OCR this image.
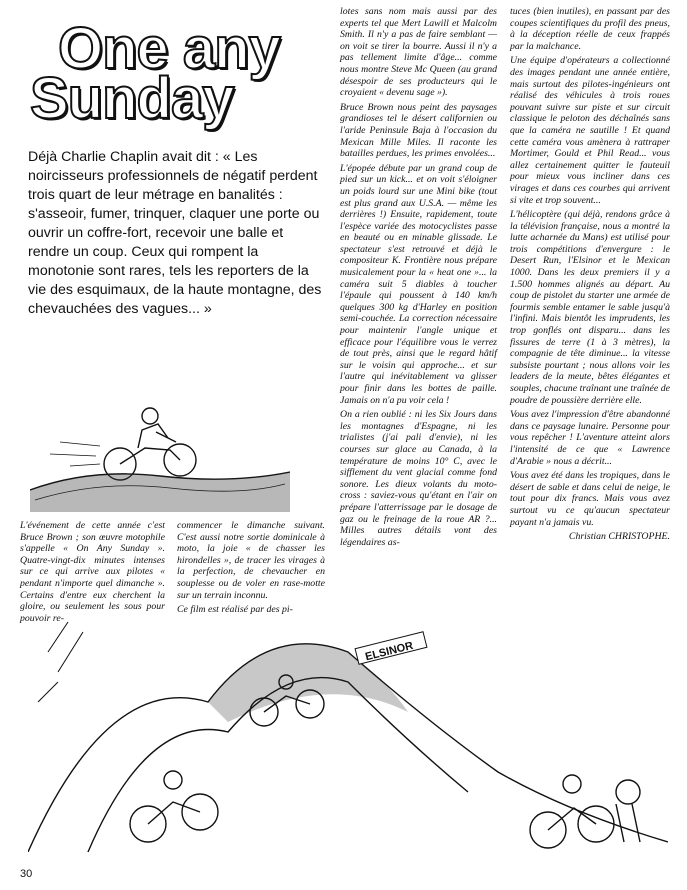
One any
Sunday

Déjà Charlie Chaplin avait dit : « Les noircisseurs professionnels de négatif perdent trois quart de leur métrage en banalités : s'asseoir, fumer, trinquer, claquer une porte ou ouvrir un coffre-fort, recevoir une balle et rendre un coup. Ceux qui rompent la monotonie sont rares, tels les reporters de la vie des esquimaux, de la haute montagne, des chevauchées des vagues... »

L'événement de cette année c'est Bruce Brown ; son œuvre motophile s'appelle « On Any Sunday ». Quatre-vingt-dix minutes intenses sur ce qui arrive aux pilotes « pendant n'importe quel dimanche ». Certains d'entre eux cherchent la gloire, ou seulement les sous pour pouvoir re-

commencer le dimanche suivant. C'est aussi notre sortie dominicale à moto, la joie « de chasser les hirondelles », de tracer les virages à la perfection, de chevaucher en souplesse ou de voler en rase-motte sur un terrain inconnu.

Ce film est réalisé par des pi-

lotes sans nom mais aussi par des experts tel que Mert Lawill et Malcolm Smith. Il n'y a pas de faire semblant — on voit se tirer la bourre. Aussi il n'y a pas tellement limite d'âge... comme nous montre Steve Mc Queen (au grand désespoir de ses producteurs qui le croyaient « devenu sage »).

Bruce Brown nous peint des paysages grandioses tel le désert californien ou l'aride Peninsule Baja à l'occasion du Mexican Mille Miles. Il raconte les batailles perdues, les primes envolées...

L'épopée débute par un grand coup de pied sur un kick... et on voit s'éloigner un poids lourd sur une Mini bike (tout est plus grand aux U.S.A. — même les derrières !) Ensuite, rapidement, toute l'espèce variée des motocyclistes passe en beauté ou en minable glissade. Le spectateur s'est retrouvé et déjà le compositeur K. Frontière nous prépare musicalement pour la « heat one »... la caméra suit 5 diables à toucher l'épaule qui poussent à 140 km/h quelques 300 kg d'Harley en position semi-couchée. La correction nécessaire pour maintenir l'angle unique et efficace pour l'équilibre vous le verrez de tout près, ainsi que le regard hâtif sur le voisin qui approche... et sur l'autre qui inévitablement va glisser pour finir dans les bottes de paille. Jamais on n'a pu voir cela !

On a rien oublié : ni les Six Jours dans les montagnes d'Espagne, ni les trialistes (j'ai pali d'envie), ni les courses sur glace au Canada, à la température de moins 10° C, avec le sifflement du vent glacial comme fond sonore. Les dieux volants du moto-cross : saviez-vous qu'étant en l'air on prépare l'atterrissage par le dosage de gaz ou le freinage de la roue AR ?... Milles autres détails vont des légendaires as-

tuces (bien inutiles), en passant par des coupes scientifiques du profil des pneus, à la déception réelle de ceux frappés par la malchance.

Une équipe d'opérateurs a collectionné des images pendant une année entière, mais surtout des pilotes-ingénieurs ont réalisé des véhicules à trois roues pouvant suivre sur piste et sur circuit classique le peloton des déchaînés sans que la caméra ne sautille ! Et quand cette caméra vous amènera à rattraper Mortimer, Gould et Phil Read... vous allez certainement quitter le fauteuil pour mieux vous incliner dans ces virages et dans ces courbes qui arrivent si vite et trop souvent...

L'hélicoptère (qui déjà, rendons grâce à la télévision française, nous a montré la lutte acharnée du Mans) est utilisé pour trois compétitions d'envergure : le Desert Run, l'Elsinor et le Mexican 1000. Dans les deux premiers il y a 1.500 hommes alignés au départ. Au coup de pistolet du starter une armée de fourmis semble entamer le sable jusqu'à l'infini. Mais bientôt les imprudents, les trop gonflés ont disparu... dans les fissures de terre (1 à 3 mètres), la compagnie de tête diminue... la vitesse subsiste pourtant ; nous allons voir les leaders de la meute, bêtes élégantes et souples, chacune traînant une traînée de poudre de poussière derrière elle.

Vous avez l'impression d'être abandonné dans ce paysage lunaire. Personne pour vous repêcher ! L'aventure atteint alors l'intensité de ce que « Lawrence d'Arabie » nous a décrit...

Vous avez été dans les tropiques, dans le désert de sable et dans celui de neige, le tout pour dix francs. Mais vous avez surtout vu ce qu'aucun spectateur payant n'a jamais vu.

Christian CHRISTOPHE.

ELSINOR
30
